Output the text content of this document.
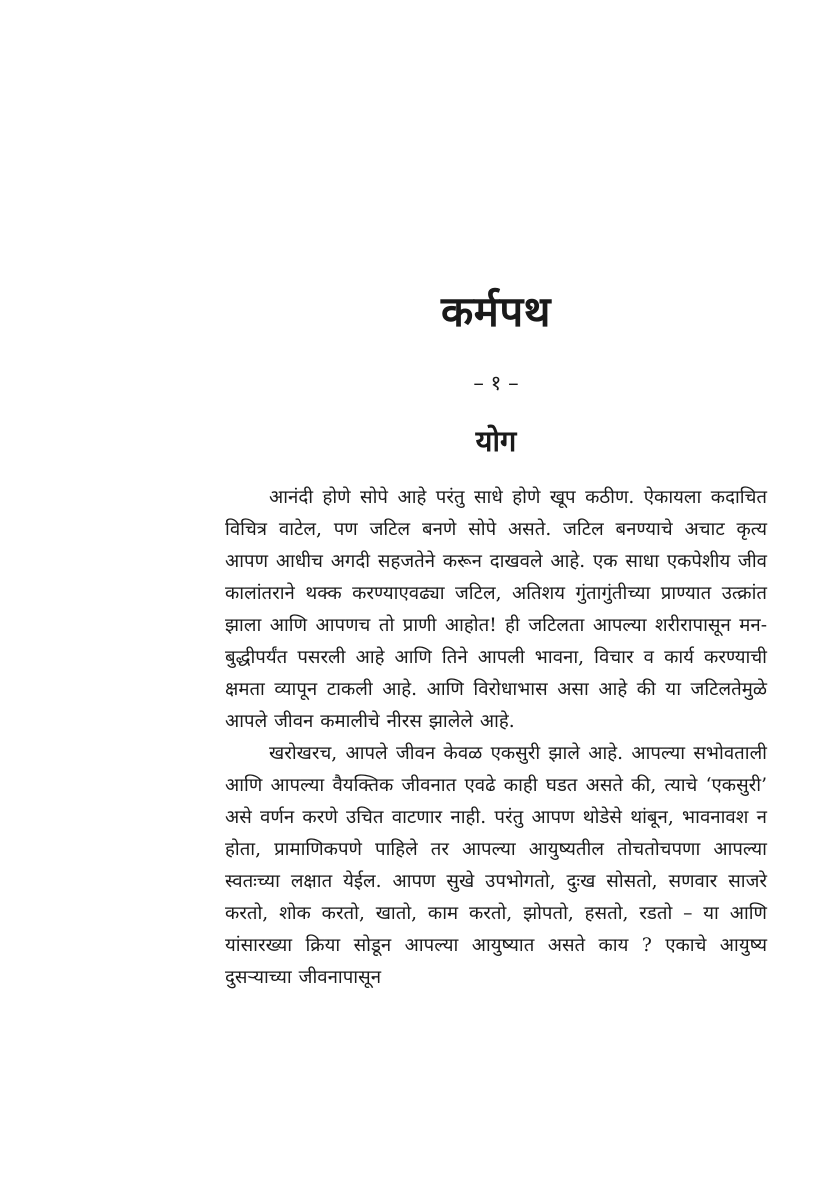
कर्मपथ
– १ –
योग

आनंदी होणे सोपे आहे परंतु साधे होणे खूप कठीण. ऐकायला कदाचित विचित्र वाटेल, पण जटिल बनणे सोपे असते. जटिल बनण्याचे अचाट कृत्य आपण आधीच अगदी सहजतेने करून दाखवले आहे. एक साधा एकपेशीय जीव कालांतराने थक्क करण्याएवढ्या जटिल, अतिशय गुंतागुंतीच्या प्राण्यात उत्क्रांत झाला आणि आपणच तो प्राणी आहोत! ही जटिलता आपल्या शरीरापासून मन-बुद्धीपर्यंत पसरली आहे आणि तिने आपली भावना, विचार व कार्य करण्याची क्षमता व्यापून टाकली आहे. आणि विरोधाभास असा आहे की या जटिलतेमुळे आपले जीवन कमालीचे नीरस झालेले आहे.

खरोखरच, आपले जीवन केवळ एकसुरी झाले आहे. आपल्या सभोवताली आणि आपल्या वैयक्तिक जीवनात एवढे काही घडत असते की, त्याचे ‘एकसुरी’ असे वर्णन करणे उचित वाटणार नाही. परंतु आपण थोडेसे थांबून, भावनावश न होता, प्रामाणिकपणे पाहिले तर आपल्या आयुष्यतील तोचतोचपणा आपल्या स्वतःच्या लक्षात येईल. आपण सुखे उपभोगतो, दुःख सोसतो, सणवार साजरे करतो, शोक करतो, खातो, काम करतो, झोपतो, हसतो, रडतो – या आणि यांसारख्या क्रिया सोडून आपल्या आयुष्यात असते काय ? एकाचे आयुष्य दुसऱ्याच्या जीवनापासून
